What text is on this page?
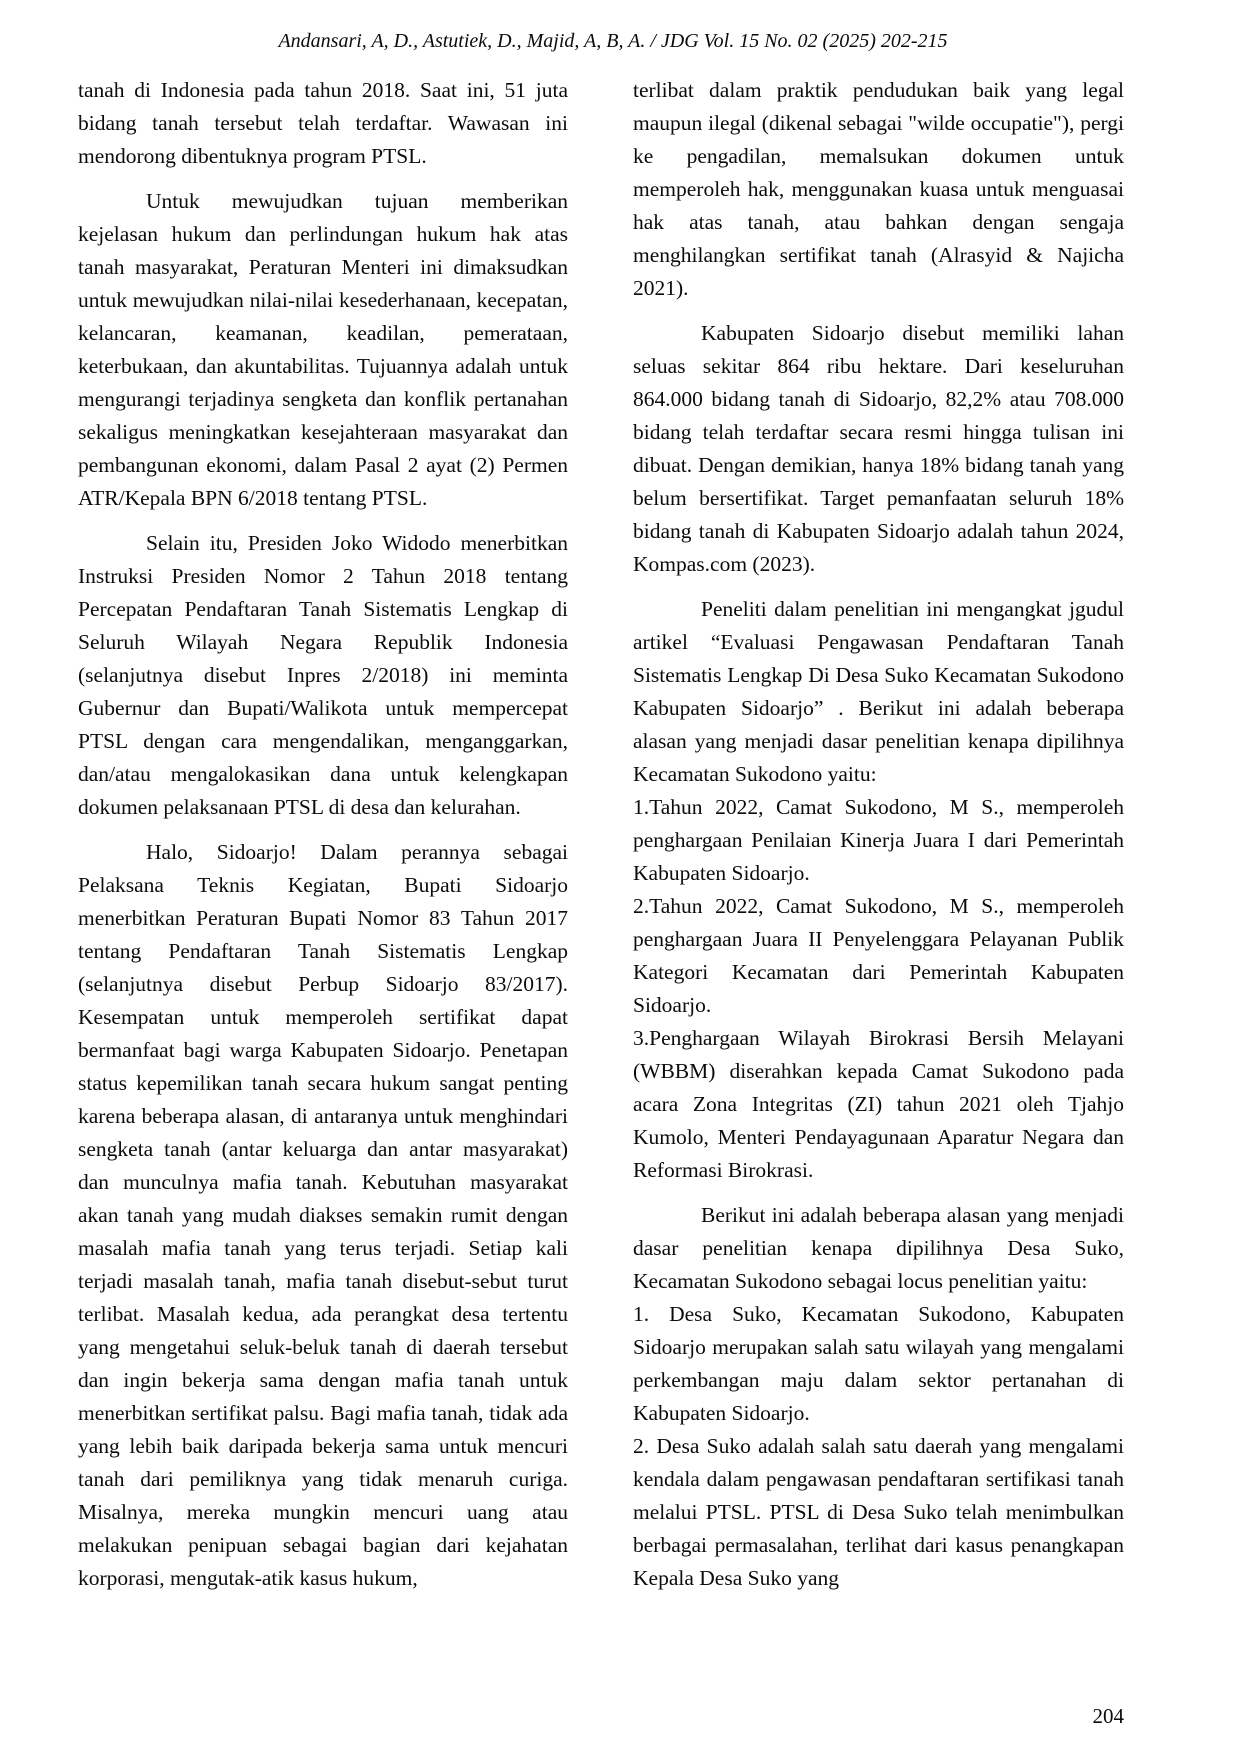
Andansari, A, D., Astutiek, D., Majid, A, B, A. / JDG Vol. 15 No. 02 (2025) 202-215

tanah di Indonesia pada tahun 2018. Saat ini, 51 juta bidang tanah tersebut telah terdaftar. Wawasan ini mendorong dibentuknya program PTSL.

Untuk mewujudkan tujuan memberikan kejelasan hukum dan perlindungan hukum hak atas tanah masyarakat, Peraturan Menteri ini dimaksudkan untuk mewujudkan nilai-nilai kesederhanaan, kecepatan, kelancaran, keamanan, keadilan, pemerataan, keterbukaan, dan akuntabilitas. Tujuannya adalah untuk mengurangi terjadinya sengketa dan konflik pertanahan sekaligus meningkatkan kesejahteraan masyarakat dan pembangunan ekonomi, dalam Pasal 2 ayat (2) Permen ATR/Kepala BPN 6/2018 tentang PTSL.

Selain itu, Presiden Joko Widodo menerbitkan Instruksi Presiden Nomor 2 Tahun 2018 tentang Percepatan Pendaftaran Tanah Sistematis Lengkap di Seluruh Wilayah Negara Republik Indonesia (selanjutnya disebut Inpres 2/2018) ini meminta Gubernur dan Bupati/Walikota untuk mempercepat PTSL dengan cara mengendalikan, menganggarkan, dan/atau mengalokasikan dana untuk kelengkapan dokumen pelaksanaan PTSL di desa dan kelurahan.

Halo, Sidoarjo! Dalam perannya sebagai Pelaksana Teknis Kegiatan, Bupati Sidoarjo menerbitkan Peraturan Bupati Nomor 83 Tahun 2017 tentang Pendaftaran Tanah Sistematis Lengkap (selanjutnya disebut Perbup Sidoarjo 83/2017). Kesempatan untuk memperoleh sertifikat dapat bermanfaat bagi warga Kabupaten Sidoarjo. Penetapan status kepemilikan tanah secara hukum sangat penting karena beberapa alasan, di antaranya untuk menghindari sengketa tanah (antar keluarga dan antar masyarakat) dan munculnya mafia tanah. Kebutuhan masyarakat akan tanah yang mudah diakses semakin rumit dengan masalah mafia tanah yang terus terjadi. Setiap kali terjadi masalah tanah, mafia tanah disebut-sebut turut terlibat. Masalah kedua, ada perangkat desa tertentu yang mengetahui seluk-beluk tanah di daerah tersebut dan ingin bekerja sama dengan mafia tanah untuk menerbitkan sertifikat palsu. Bagi mafia tanah, tidak ada yang lebih baik daripada bekerja sama untuk mencuri tanah dari pemiliknya yang tidak menaruh curiga. Misalnya, mereka mungkin mencuri uang atau melakukan penipuan sebagai bagian dari kejahatan korporasi, mengutak-atik kasus hukum,

terlibat dalam praktik pendudukan baik yang legal maupun ilegal (dikenal sebagai "wilde occupatie"), pergi ke pengadilan, memalsukan dokumen untuk memperoleh hak, menggunakan kuasa untuk menguasai hak atas tanah, atau bahkan dengan sengaja menghilangkan sertifikat tanah (Alrasyid & Najicha 2021).

Kabupaten Sidoarjo disebut memiliki lahan seluas sekitar 864 ribu hektare. Dari keseluruhan 864.000 bidang tanah di Sidoarjo, 82,2% atau 708.000 bidang telah terdaftar secara resmi hingga tulisan ini dibuat. Dengan demikian, hanya 18% bidang tanah yang belum bersertifikat. Target pemanfaatan seluruh 18% bidang tanah di Kabupaten Sidoarjo adalah tahun 2024, Kompas.com (2023).

Peneliti dalam penelitian ini mengangkat jgudul artikel “Evaluasi Pengawasan Pendaftaran Tanah Sistematis Lengkap Di Desa Suko Kecamatan Sukodono Kabupaten Sidoarjo” . Berikut ini adalah beberapa alasan yang menjadi dasar penelitian kenapa dipilihnya Kecamatan Sukodono yaitu:

1.Tahun 2022, Camat Sukodono, M S., memperoleh penghargaan Penilaian Kinerja Juara I dari Pemerintah Kabupaten Sidoarjo.

2.Tahun 2022, Camat Sukodono, M S., memperoleh penghargaan Juara II Penyelenggara Pelayanan Publik Kategori Kecamatan dari Pemerintah Kabupaten Sidoarjo.

3.Penghargaan Wilayah Birokrasi Bersih Melayani (WBBM) diserahkan kepada Camat Sukodono pada acara Zona Integritas (ZI) tahun 2021 oleh Tjahjo Kumolo, Menteri Pendayagunaan Aparatur Negara dan Reformasi Birokrasi.

Berikut ini adalah beberapa alasan yang menjadi dasar penelitian kenapa dipilihnya Desa Suko, Kecamatan Sukodono sebagai locus penelitian yaitu:

1. Desa Suko, Kecamatan Sukodono, Kabupaten Sidoarjo merupakan salah satu wilayah yang mengalami perkembangan maju dalam sektor pertanahan di Kabupaten Sidoarjo.

2. Desa Suko adalah salah satu daerah yang mengalami kendala dalam pengawasan pendaftaran sertifikasi tanah melalui PTSL. PTSL di Desa Suko telah menimbulkan berbagai permasalahan, terlihat dari kasus penangkapan Kepala Desa Suko yang

204
